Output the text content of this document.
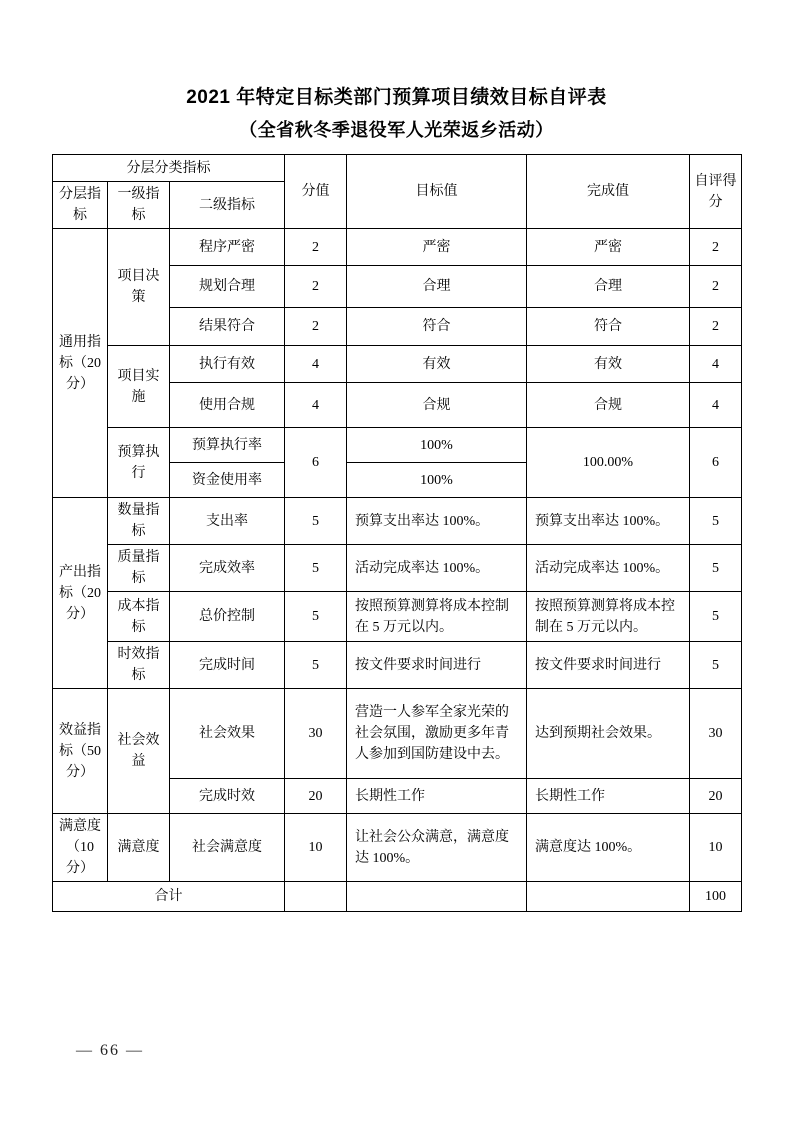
2021 年特定目标类部门预算项目绩效目标自评表
（全省秋冬季退役军人光荣返乡活动）
分层分类指标			分值	目标值	完成值	自评得分
分层指标	一级指标	二级指标				
通用指标（20分）	项目决策	程序严密	2	严密	严密	2
		规划合理	2	合理	合理	2
		结果符合	2	符合	符合	2
	项目实施	执行有效	4	有效	有效	4
		使用合规	4	合规	合规	4
	预算执行	预算执行率	6	100%	100.00%	6
		资金使用率		100%		
产出指标（20分）	数量指标	支出率	5	预算支出率达 100%。	预算支出率达 100%。	5
	质量指标	完成效率	5	活动完成率达 100%。	活动完成率达 100%。	5
	成本指标	总价控制	5	按照预算测算将成本控制在 5 万元以内。	按照预算测算将成本控制在 5 万元以内。	5
	时效指标	完成时间	5	按文件要求时间进行	按文件要求时间进行	5
效益指标（50分）	社会效益	社会效果	30	营造一人参军全家光荣的社会氛围，激励更多年青人参加到国防建设中去。	达到预期社会效果。	30
		完成时效	20	长期性工作	长期性工作	20
满意度（10分）	满意度	社会满意度	10	让社会公众满意，满意度达 100%。	满意度达 100%。	10
合计						100
— 66 —
